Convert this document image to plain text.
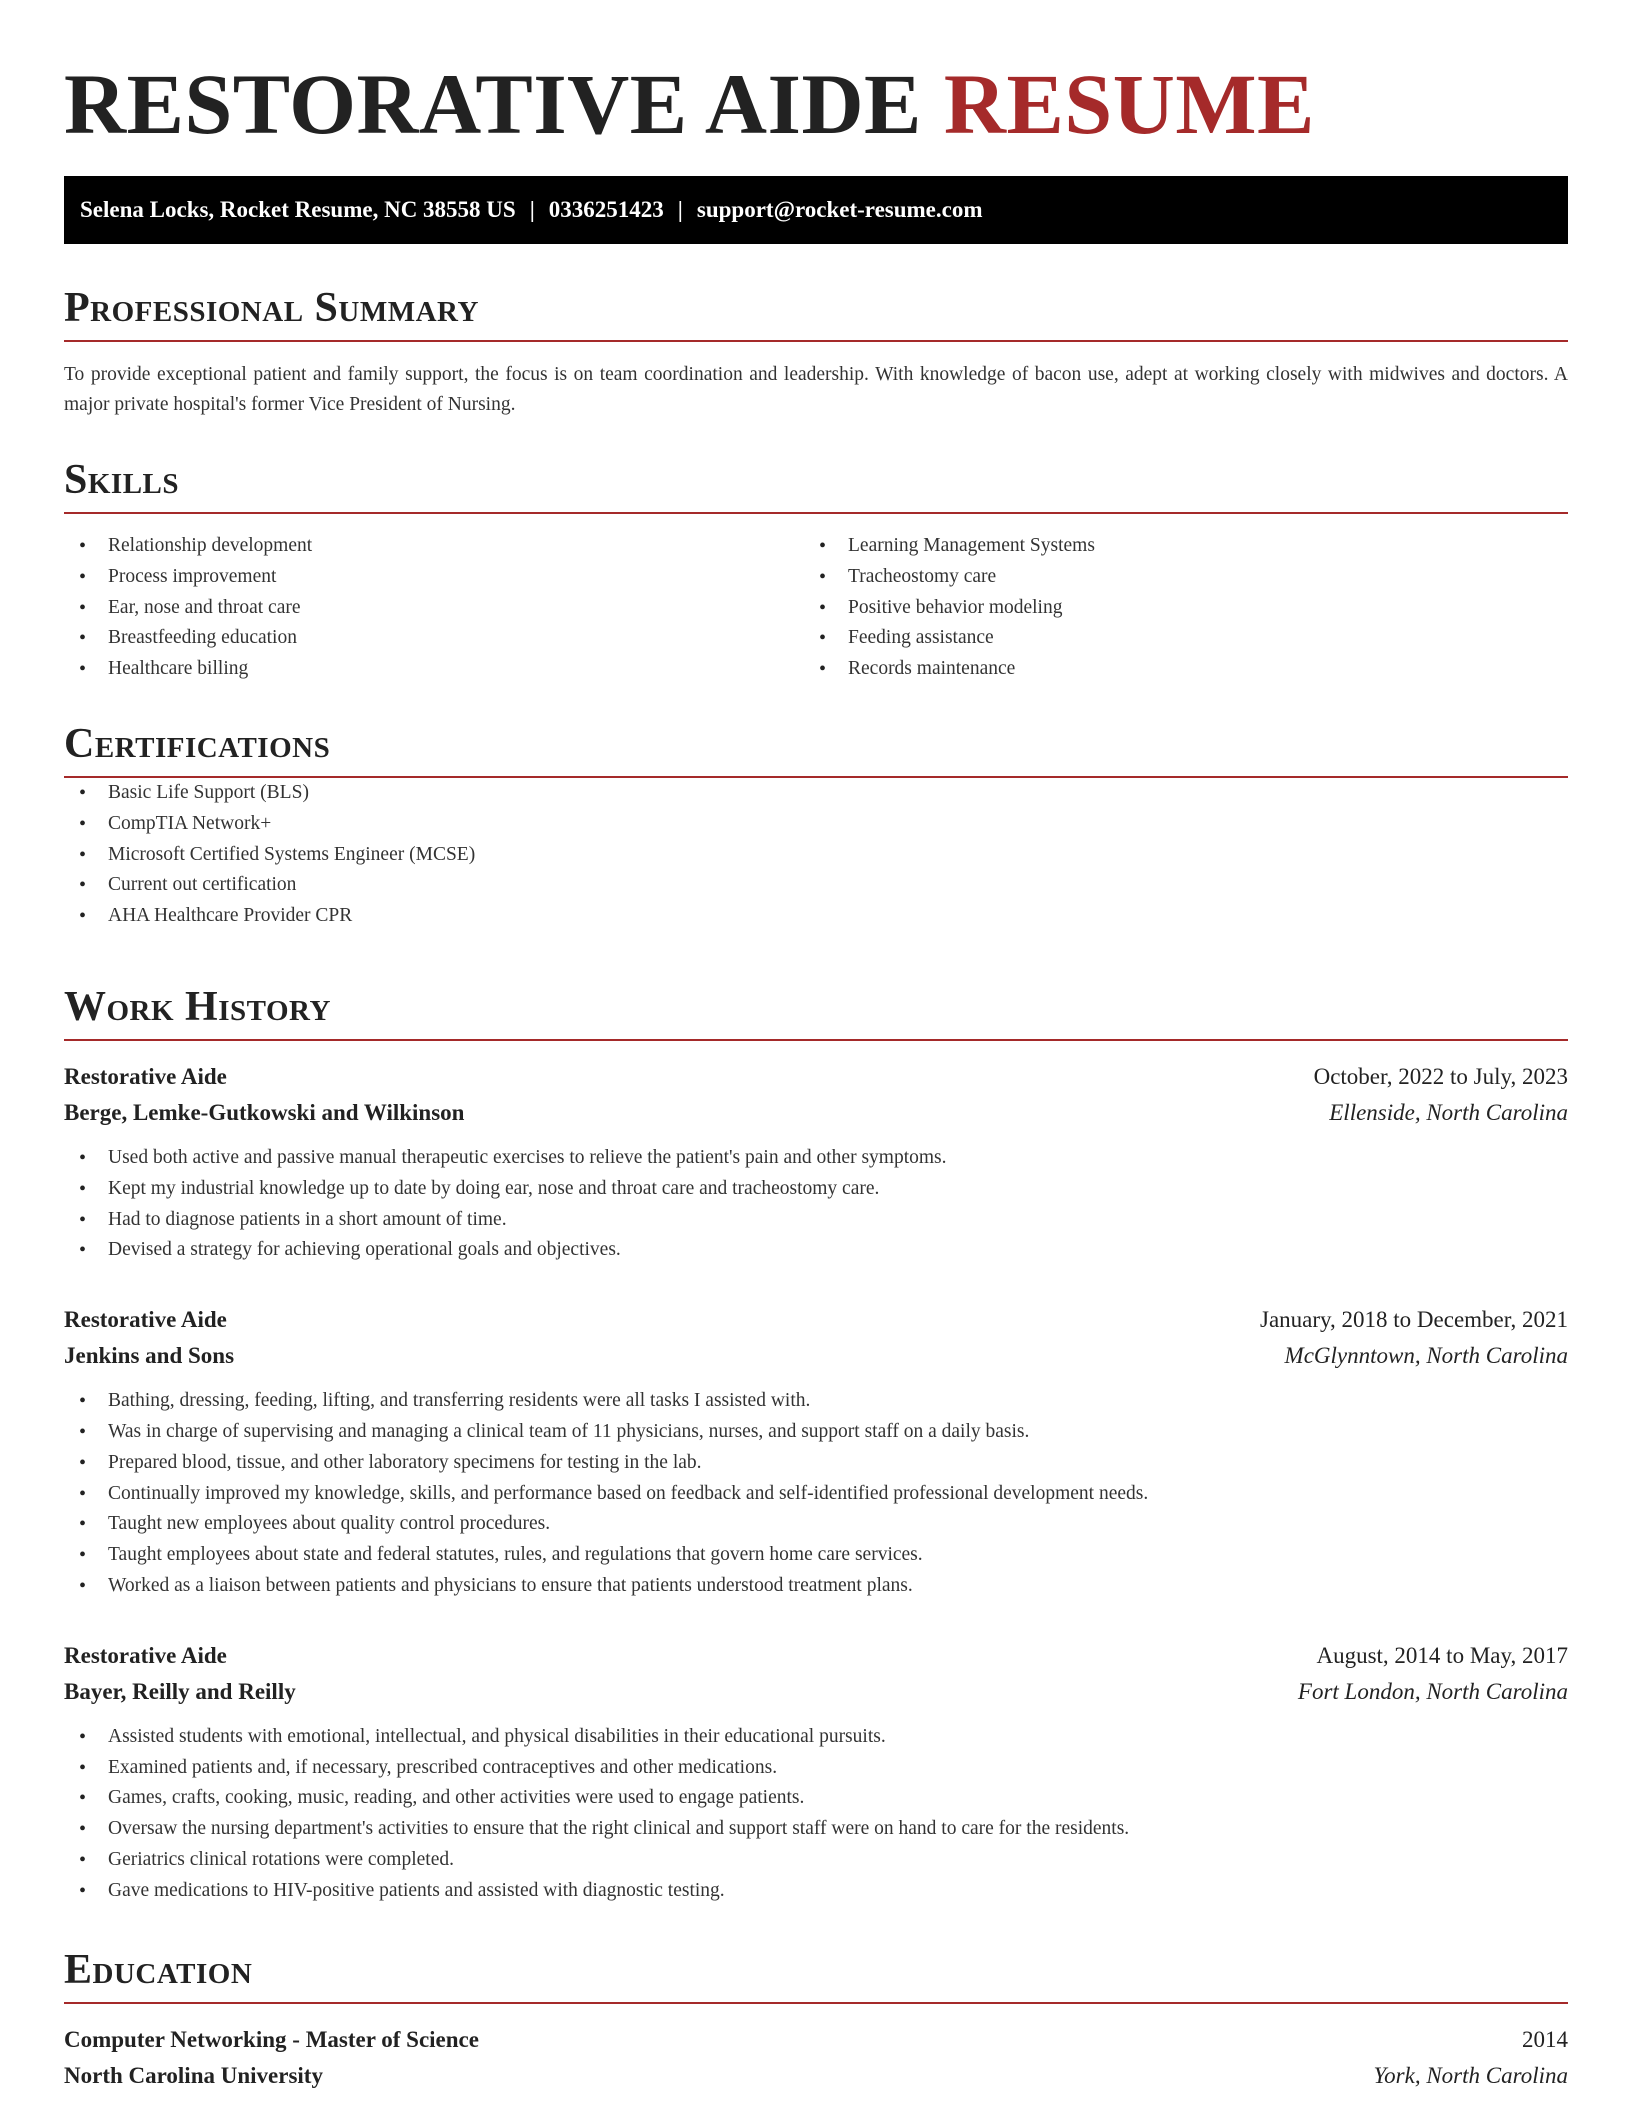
RESTORATIVE AIDE RESUME
Selena Locks, Rocket Resume, NC 38558 US | 0336251423 | support@rocket-resume.com
Professional Summary

To provide exceptional patient and family support, the focus is on team coordination and leadership. With knowledge of bacon use, adept at working closely with midwives and doctors. A major private hospital's former Vice President of Nursing.

Skills
• Relationship development
• Process improvement
• Ear, nose and throat care
• Breastfeeding education
• Healthcare billing
• Learning Management Systems
• Tracheostomy care
• Positive behavior modeling
• Feeding assistance
• Records maintenance
Certifications
• Basic Life Support (BLS)
• CompTIA Network+
• Microsoft Certified Systems Engineer (MCSE)
• Current out certification
• AHA Healthcare Provider CPR
Work History
Restorative Aide	October, 2022 to July, 2023
Berge, Lemke-Gutkowski and Wilkinson	Ellenside, North Carolina
• Used both active and passive manual therapeutic exercises to relieve the patient's pain and other symptoms.
• Kept my industrial knowledge up to date by doing ear, nose and throat care and tracheostomy care.
• Had to diagnose patients in a short amount of time.
• Devised a strategy for achieving operational goals and objectives.
Restorative Aide	January, 2018 to December, 2021
Jenkins and Sons	McGlynntown, North Carolina
• Bathing, dressing, feeding, lifting, and transferring residents were all tasks I assisted with.
• Was in charge of supervising and managing a clinical team of 11 physicians, nurses, and support staff on a daily basis.
• Prepared blood, tissue, and other laboratory specimens for testing in the lab.
• Continually improved my knowledge, skills, and performance based on feedback and self-identified professional development needs.
• Taught new employees about quality control procedures.
• Taught employees about state and federal statutes, rules, and regulations that govern home care services.
• Worked as a liaison between patients and physicians to ensure that patients understood treatment plans.
Restorative Aide	August, 2014 to May, 2017
Bayer, Reilly and Reilly	Fort London, North Carolina
• Assisted students with emotional, intellectual, and physical disabilities in their educational pursuits.
• Examined patients and, if necessary, prescribed contraceptives and other medications.
• Games, crafts, cooking, music, reading, and other activities were used to engage patients.
• Oversaw the nursing department's activities to ensure that the right clinical and support staff were on hand to care for the residents.
• Geriatrics clinical rotations were completed.
• Gave medications to HIV-positive patients and assisted with diagnostic testing.
Education
Computer Networking - Master of Science	2014
North Carolina University	York, North Carolina
